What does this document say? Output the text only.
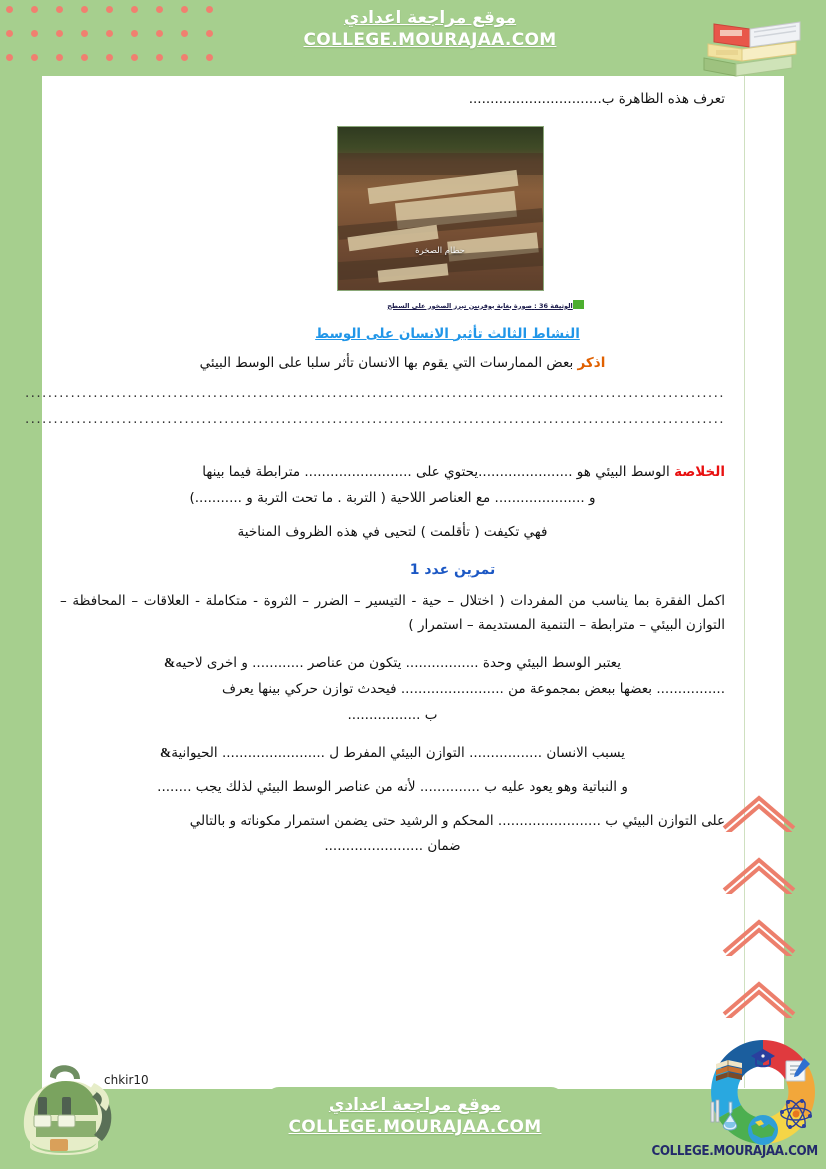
موقع مراجعة اعدادي
COLLEGE.MOURAJAA.COM

تعرف هذه الظاهرة ب...............................

حطام الصخرة
الوثيقة 36 : صورة بغابة بوقرنين تبرز الصخور على السطح
النشاط الثالث تأثير الانسان على الوسط

اذكر بعض الممارسات التي يقوم بها الانسان تأثر سلبا على الوسط البيئي

...........................................................................................................................

...........................................................................................................................

الخلاصة الوسط البيئي هو ......................يحتوي على ......................... مترابطة فيما بينها

و ..................... مع العناصر اللاحية ( التربة . ما تحت التربة و ...........)

فهي تكيفت ( تأقلمت ) لتحيى في هذه الظروف المناخية

تمرين عدد 1

اكمل الفقرة بما يناسب من المفردات ( اختلال – حية - التيسير – الضرر – الثروة - متكاملة - العلاقات – المحافظة – التوازن البيئي – مترابطة – التنمية المستديمة – استمرار )

يعتبر الوسط البيئي وحدة ................. يتكون من عناصر ............ و اخرى لاحيه&

................ بعضها ببعض بمجموعة من ........................ فيحدث توازن حركي بينها يعرف

ب .................

يسبب الانسان ................. التوازن البيئي المفرط ل ........................ الحيوانية&

و النباتية وهو يعود عليه ب .............. لأنه من عناصر الوسط البيئي لذلك يجب ........

على التوازن البيئي ب ........................ المحكم و الرشيد حتى يضمن استمرار مكوناته و بالتالي

ضمان .......................

chkir10
موقع مراجعة اعدادي
COLLEGE.MOURAJAA.COM
COLLEGE.MOURAJAA.COM
